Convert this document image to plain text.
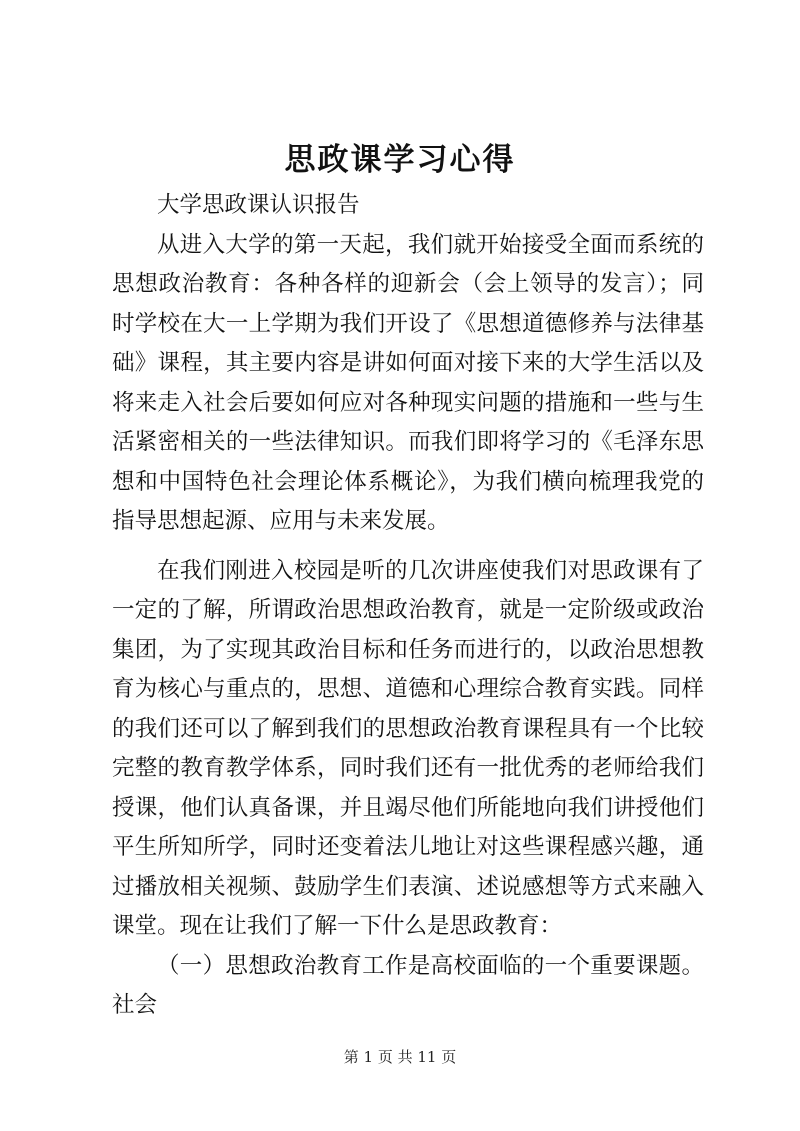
思政课学习心得

大学思政课认识报告

从进入大学的第一天起，我们就开始接受全面而系统的思想政治教育：各种各样的迎新会（会上领导的发言）；同时学校在大一上学期为我们开设了《思想道德修养与法律基础》课程，其主要内容是讲如何面对接下来的大学生活以及将来走入社会后要如何应对各种现实问题的措施和一些与生活紧密相关的一些法律知识。而我们即将学习的《毛泽东思想和中国特色社会理论体系概论》，为我们横向梳理我党的指导思想起源、应用与未来发展。

在我们刚进入校园是听的几次讲座使我们对思政课有了一定的了解，所谓政治思想政治教育，就是一定阶级或政治集团，为了实现其政治目标和任务而进行的，以政治思想教育为核心与重点的，思想、道德和心理综合教育实践。同样的我们还可以了解到我们的思想政治教育课程具有一个比较完整的教育教学体系，同时我们还有一批优秀的老师给我们授课，他们认真备课，并且竭尽他们所能地向我们讲授他们平生所知所学，同时还变着法儿地让对这些课程感兴趣，通过播放相关视频、鼓励学生们表演、述说感想等方式来融入课堂。现在让我们了解一下什么是思政教育：

（一）思想政治教育工作是高校面临的一个重要课题。社会

第 1 页 共 11 页
